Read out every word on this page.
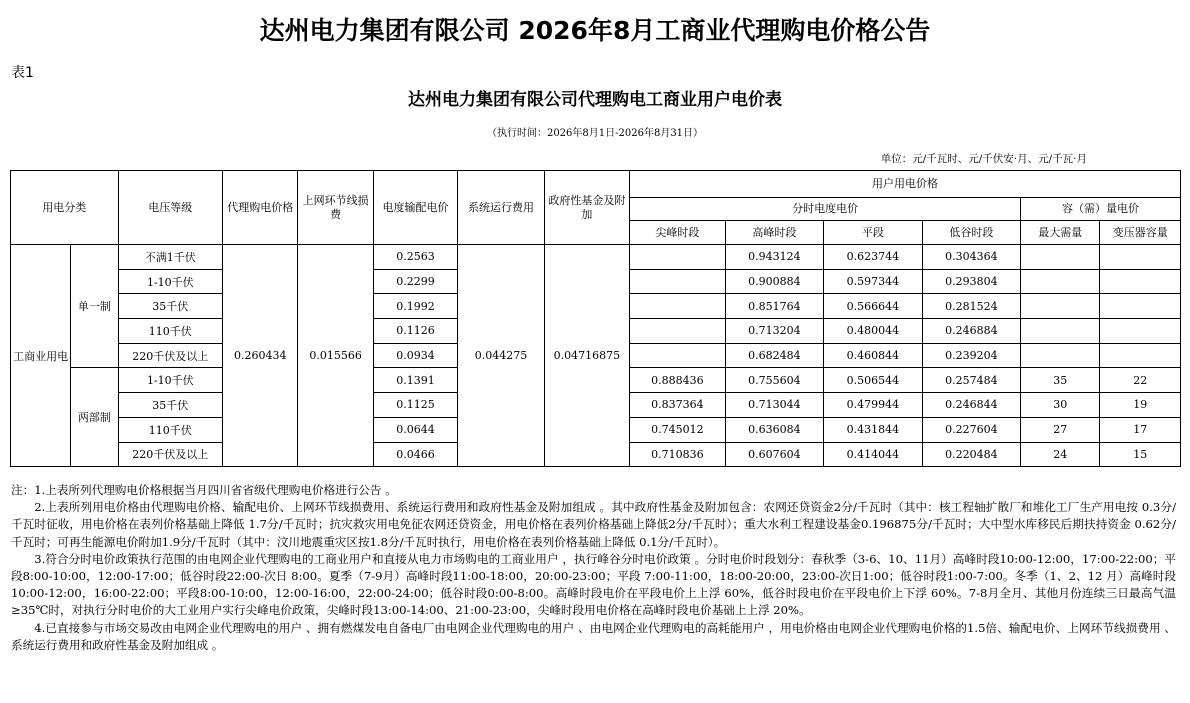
达州电力集团有限公司 2026年8月工商业代理购电价格公告
表1
达州电力集团有限公司代理购电工商业用户电价表
（执行时间：2026年8月1日-2026年8月31日）
单位：元/千瓦时、元/千伏安·月、元/千瓦·月
用电分类		电压等级	代理购电价格	上网环节线损费	电度输配电价	系统运行费用	政府性基金及附加	用户用电价格					
								分时电度电价				容（需）量电价	
								尖峰时段	高峰时段	平段	低谷时段	最大需量	变压器容量
工商业用电	单一制	不满1千伏	0.260434	0.015566	0.2563	0.044275	0.04716875		0.943124	0.623744	0.304364		
		1-10千伏			0.2299				0.900884	0.597344	0.293804		
		35千伏			0.1992				0.851764	0.566644	0.281524		
		110千伏			0.1126				0.713204	0.480044	0.246884		
		220千伏及以上			0.0934				0.682484	0.460844	0.239204		
	两部制	1-10千伏			0.1391			0.888436	0.755604	0.506544	0.257484	35	22
		35千伏			0.1125			0.837364	0.713044	0.479944	0.246844	30	19
		110千伏			0.0644			0.745012	0.636084	0.431844	0.227604	27	17
		220千伏及以上			0.0466			0.710836	0.607604	0.414044	0.220484	24	15

注：1.上表所列代理购电价格根据当月四川省省级代理购电价格进行公告 。

2.上表所列用电价格由代理购电价格、输配电价、上网环节线损费用、系统运行费用和政府性基金及附加组成 。其中政府性基金及附加包含：农网还贷资金2分/千瓦时（其中：核工程轴扩散厂和堆化工厂生产用电按 0.3分/千瓦时征收，用电价格在表列价格基础上降低 1.7分/千瓦时；抗灾救灾用电免征农网还贷资金，用电价格在表列价格基础上降低2分/千瓦时）；重大水利工程建设基金0.196875分/千瓦时；大中型水库移民后期扶持资金 0.62分/千瓦时；可再生能源电价附加1.9分/千瓦时（其中：汶川地震重灾区按1.8分/千瓦时执行，用电价格在表列价格基础上降低 0.1分/千瓦时）。

3.符合分时电价政策执行范围的由电网企业代理购电的工商业用户和直接从电力市场购电的工商业用户 ，执行峰谷分时电价政策 。分时电价时段划分：春秋季（3-6、10、11月）高峰时段10:00-12:00，17:00-22:00；平段8:00-10:00，12:00-17:00；低谷时段22:00-次日 8:00。夏季（7-9月）高峰时段11:00-18:00，20:00-23:00；平段 7:00-11:00，18:00-20:00，23:00-次日1:00；低谷时段1:00-7:00。冬季（1、2、12 月）高峰时段10:00-12:00，16:00-22:00；平段8:00-10:00，12:00-16:00，22:00-24:00；低谷时段0:00-8:00。高峰时段电价在平段电价上上浮 60%，低谷时段电价在平段电价上下浮 60%。7-8月全月、其他月份连续三日最高气温 ≥35℃时，对执行分时电价的大工业用户实行尖峰电价政策，尖峰时段13:00-14:00、21:00-23:00，尖峰时段用电价格在高峰时段电价基础上上浮 20%。

4.已直接参与市场交易改由电网企业代理购电的用户 、拥有燃煤发电自备电厂由电网企业代理购电的用户 、由电网企业代理购电的高耗能用户 ，用电价格由电网企业代理购电价格的1.5倍、输配电价、上网环节线损费用 、系统运行费用和政府性基金及附加组成 。
